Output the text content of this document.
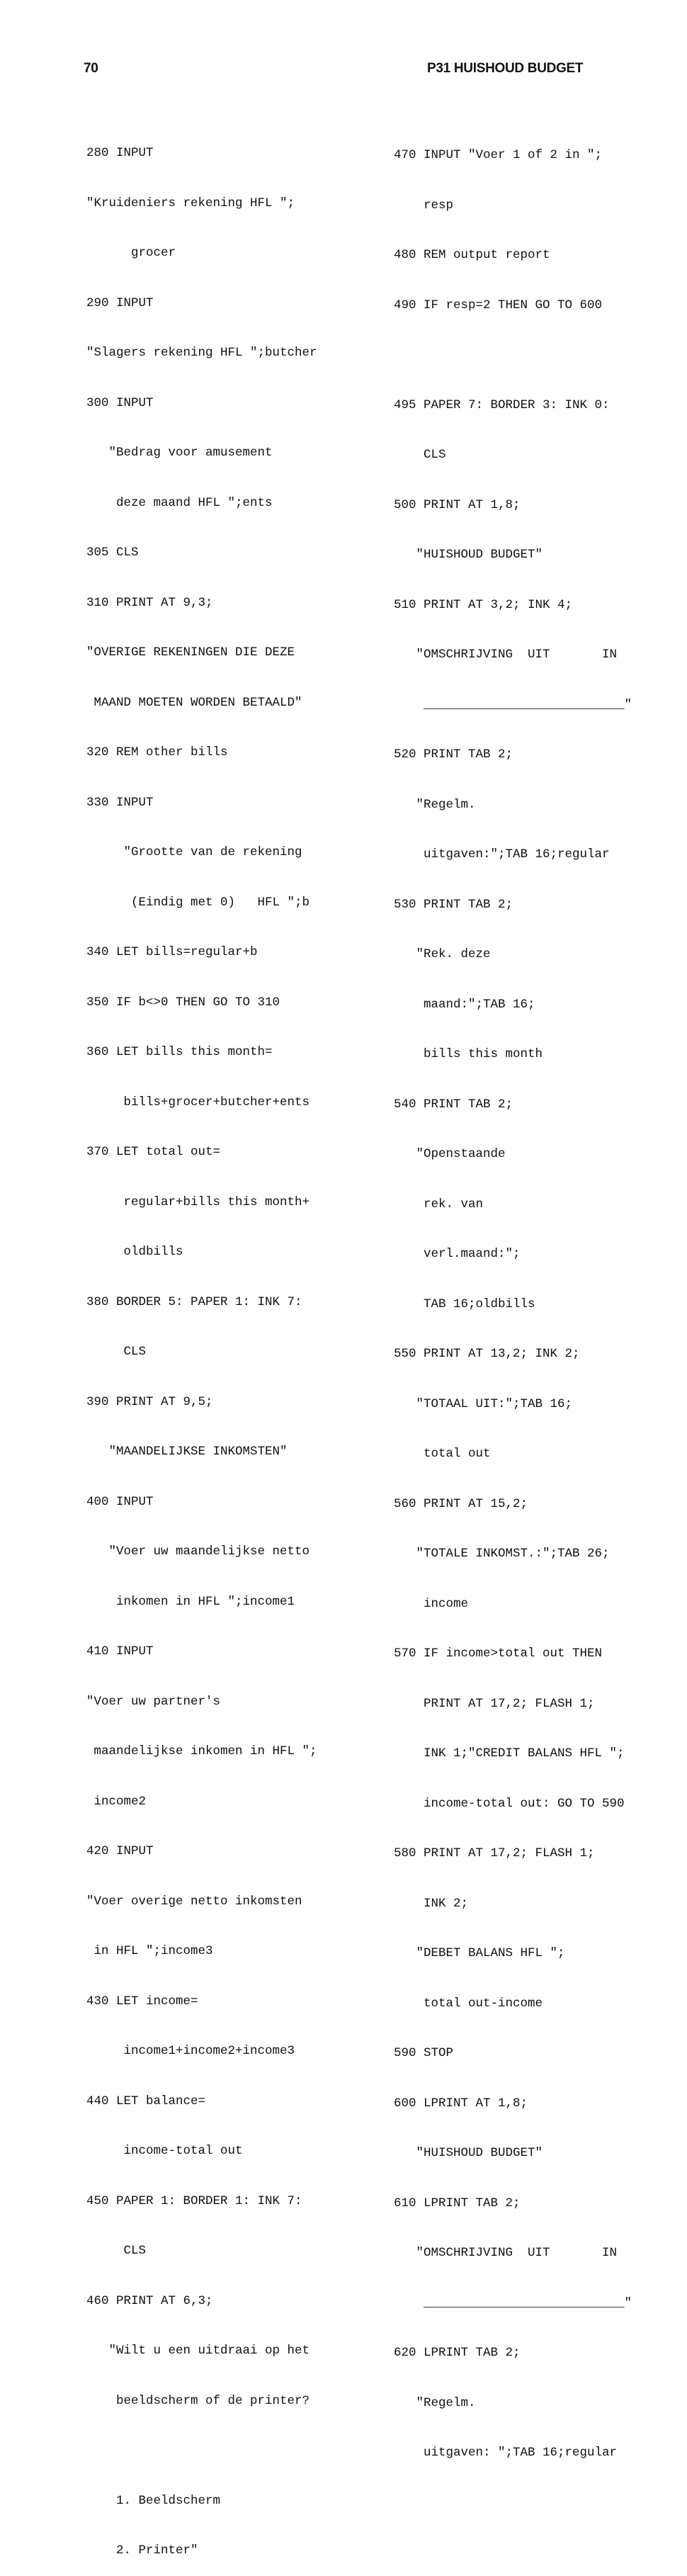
70	P31 HUISHOUD BUDGET

280 INPUT

"Kruideniers rekening HFL ";

grocer

290 INPUT

"Slagers rekening HFL ";butcher

300 INPUT

"Bedrag voor amusement

deze maand HFL ";ents

305 CLS

310 PRINT AT 9,3;

"OVERIGE REKENINGEN DIE DEZE

MAAND MOETEN WORDEN BETAALD"

320 REM other bills

330 INPUT

"Grootte van de rekening

(Eindig met 0)   HFL ";b

340 LET bills=regular+b

350 IF b<>0 THEN GO TO 310

360 LET bills this month=

bills+grocer+butcher+ents

370 LET total out=

regular+bills this month+

oldbills

380 BORDER 5: PAPER 1: INK 7:

CLS

390 PRINT AT 9,5;

"MAANDELIJKSE INKOMSTEN"

400 INPUT

"Voer uw maandelijkse netto

inkomen in HFL ";income1

410 INPUT

"Voer uw partner's

maandelijkse inkomen in HFL ";

income2

420 INPUT

"Voer overige netto inkomsten

in HFL ";income3

430 LET income=

income1+income2+income3

440 LET balance=

income-total out

450 PAPER 1: BORDER 1: INK 7:

CLS

460 PRINT AT 6,3;

"Wilt u een uitdraai op het

beeldscherm of de printer?

1. Beeldscherm

2. Printer"

470 INPUT "Voer 1 of 2 in ";

resp

480 REM output report

490 IF resp=2 THEN GO TO 600

495 PAPER 7: BORDER 3: INK 0:

CLS

500 PRINT AT 1,8;

"HUISHOUD BUDGET"

510 PRINT AT 3,2; INK 4;

"OMSCHRIJVING  UIT       IN

___________________________"

520 PRINT TAB 2;

"Regelm.

uitgaven:";TAB 16;regular

530 PRINT TAB 2;

"Rek. deze

maand:";TAB 16;

bills this month

540 PRINT TAB 2;

"Openstaande

rek. van

verl.maand:";

TAB 16;oldbills

550 PRINT AT 13,2; INK 2;

"TOTAAL UIT:";TAB 16;

total out

560 PRINT AT 15,2;

"TOTALE INKOMST.:";TAB 26;

income

570 IF income>total out THEN

PRINT AT 17,2; FLASH 1;

INK 1;"CREDIT BALANS HFL ";

income-total out: GO TO 590

580 PRINT AT 17,2; FLASH 1;

INK 2;

"DEBET BALANS HFL ";

total out-income

590 STOP

600 LPRINT AT 1,8;

"HUISHOUD BUDGET"

610 LPRINT TAB 2;

"OMSCHRIJVING  UIT       IN

___________________________"

620 LPRINT TAB 2;

"Regelm.

uitgaven: ";TAB 16;regular
